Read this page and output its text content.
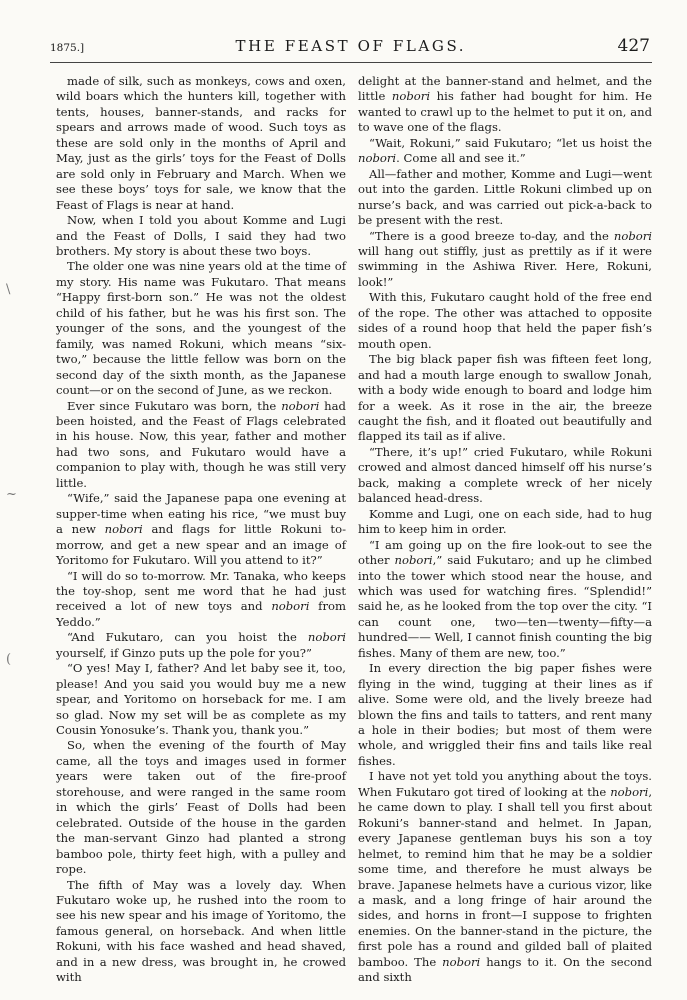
1875.]	THE FEAST OF FLAGS.	427
\
~
(

made of silk, such as monkeys, cows and oxen, wild boars which the hunters kill, together with tents, houses, banner-stands, and racks for spears and arrows made of wood. Such toys as these are sold only in the months of April and May, just as the girls’ toys for the Feast of Dolls are sold only in February and March. When we see these boys’ toys for sale, we know that the Feast of Flags is near at hand.

Now, when I told you about Komme and Lugi and the Feast of Dolls, I said they had two brothers. My story is about these two boys.

The older one was nine years old at the time of my story. His name was Fukutaro. That means “Happy first-born son.” He was not the oldest child of his father, but he was his first son. The younger of the sons, and the youngest of the family, was named Rokuni, which means “six-two,” because the little fellow was born on the second day of the sixth month, as the Japanese count—or on the second of June, as we reckon.

Ever since Fukutaro was born, the nobori had been hoisted, and the Feast of Flags celebrated in his house. Now, this year, father and mother had two sons, and Fukutaro would have a companion to play with, though he was still very little.

“Wife,” said the Japanese papa one evening at supper-time when eating his rice, “we must buy a new nobori and flags for little Rokuni to-morrow, and get a new spear and an image of Yoritomo for Fukutaro. Will you attend to it?”

“I will do so to-morrow. Mr. Tanaka, who keeps the toy-shop, sent me word that he had just received a lot of new toys and nobori from Yeddo.”

“And Fukutaro, can you hoist the nobori yourself, if Ginzo puts up the pole for you?”

“O yes! May I, father? And let baby see it, too, please! And you said you would buy me a new spear, and Yoritomo on horseback for me. I am so glad. Now my set will be as complete as my Cousin Yonosuke’s. Thank you, thank you.”

So, when the evening of the fourth of May came, all the toys and images used in former years were taken out of the fire-proof storehouse, and were ranged in the same room in which the girls’ Feast of Dolls had been celebrated. Outside of the house in the garden the man-servant Ginzo had planted a strong bamboo pole, thirty feet high, with a pulley and rope.

The fifth of May was a lovely day. When Fukutaro woke up, he rushed into the room to see his new spear and his image of Yoritomo, the famous general, on horseback. And when little Rokuni, with his face washed and head shaved, and in a new dress, was brought in, he crowed with

delight at the banner-stand and helmet, and the little nobori his father had bought for him. He wanted to crawl up to the helmet to put it on, and to wave one of the flags.

“Wait, Rokuni,” said Fukutaro; “let us hoist the nobori. Come all and see it.”

All—father and mother, Komme and Lugi—went out into the garden. Little Rokuni climbed up on nurse’s back, and was carried out pick-a-back to be present with the rest.

“There is a good breeze to-day, and the nobori will hang out stiffly, just as prettily as if it were swimming in the Ashiwa River. Here, Rokuni, look!”

With this, Fukutaro caught hold of the free end of the rope. The other was attached to opposite sides of a round hoop that held the paper fish’s mouth open.

The big black paper fish was fifteen feet long, and had a mouth large enough to swallow Jonah, with a body wide enough to board and lodge him for a week. As it rose in the air, the breeze caught the fish, and it floated out beautifully and flapped its tail as if alive.

“There, it’s up!” cried Fukutaro, while Rokuni crowed and almost danced himself off his nurse’s back, making a complete wreck of her nicely balanced head-dress.

Komme and Lugi, one on each side, had to hug him to keep him in order.

“I am going up on the fire look-out to see the other nobori,” said Fukutaro; and up he climbed into the tower which stood near the house, and which was used for watching fires. “Splendid!” said he, as he looked from the top over the city. “I can count one, two—ten—twenty—fifty—a hundred—— Well, I cannot finish counting the big fishes. Many of them are new, too.”

In every direction the big paper fishes were flying in the wind, tugging at their lines as if alive. Some were old, and the lively breeze had blown the fins and tails to tatters, and rent many a hole in their bodies; but most of them were whole, and wriggled their fins and tails like real fishes.

I have not yet told you anything about the toys. When Fukutaro got tired of looking at the nobori, he came down to play. I shall tell you first about Rokuni’s banner-stand and helmet. In Japan, every Japanese gentleman buys his son a toy helmet, to remind him that he may be a soldier some time, and therefore he must always be brave. Japanese helmets have a curious vizor, like a mask, and a long fringe of hair around the sides, and horns in front—I suppose to frighten enemies. On the banner-stand in the picture, the first pole has a round and gilded ball of plaited bamboo. The nobori hangs to it. On the second and sixth
